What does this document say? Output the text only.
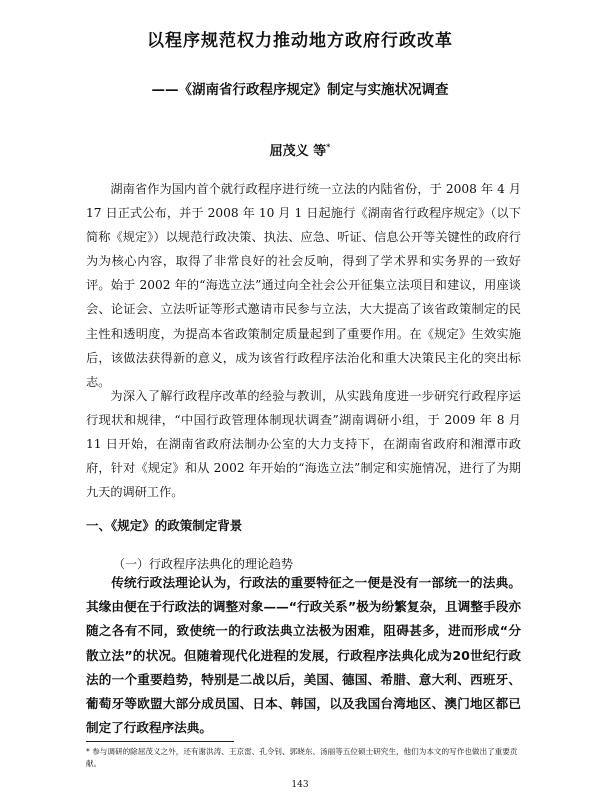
以程序规范权力推动地方政府行政改革
——《湖南省行政程序规定》制定与实施状况调查
屈茂义 等*
湖南省作为国内首个就行政程序进行统一立法的内陆省份，于 2008 年 4 月 17 日正式公布，并于 2008 年 10 月 1 日起施行《湖南省行政程序规定》（以下简称《规定》）以规范行政决策、执法、应急、听证、信息公开等关键性的政府行为为核心内容，取得了非常良好的社会反响，得到了学术界和实务界的一致好评。始于 2002 年的“海选立法”通过向全社会公开征集立法项目和建议，用座谈会、论证会、立法听证等形式邀请市民参与立法，大大提高了该省政策制定的民主性和透明度，为提高本省政策制定质量起到了重要作用。在《规定》生效实施后，该做法获得新的意义，成为该省行政程序法治化和重大决策民主化的突出标志。
为深入了解行政程序改革的经验与教训，从实践角度进一步研究行政程序运行现状和规律，“中国行政管理体制现状调查”湖南调研小组，于 2009 年 8 月 11 日开始，在湖南省政府法制办公室的大力支持下，在湖南省政府和湘潭市政府，针对《规定》和从 2002 年开始的“海选立法”制定和实施情况，进行了为期九天的调研工作。
一、《规定》的政策制定背景
（一）行政程序法典化的理论趋势
传统行政法理论认为，行政法的重要特征之一便是没有一部统一的法典。其缘由便在于行政法的调整对象——“行政关系”极为纷繁复杂，且调整手段亦随之各有不同，致使统一的行政法典立法极为困难，阻碍甚多，进而形成“分散立法”的状况。但随着现代化进程的发展，行政程序法典化成为20世纪行政法的一个重要趋势，特别是二战以后，美国、德国、希腊、意大利、西班牙、葡萄牙等欧盟大部分成员国、日本、韩国，以及我国台湾地区、澳门地区都已制定了行政程序法典。
* 参与调研的除屈茂义之外，还有谢洪涛、王京雷、孔令钊、郭晓东、汤丽等五位硕士研究生，他们为本文的写作也做出了重要贡献。
143
